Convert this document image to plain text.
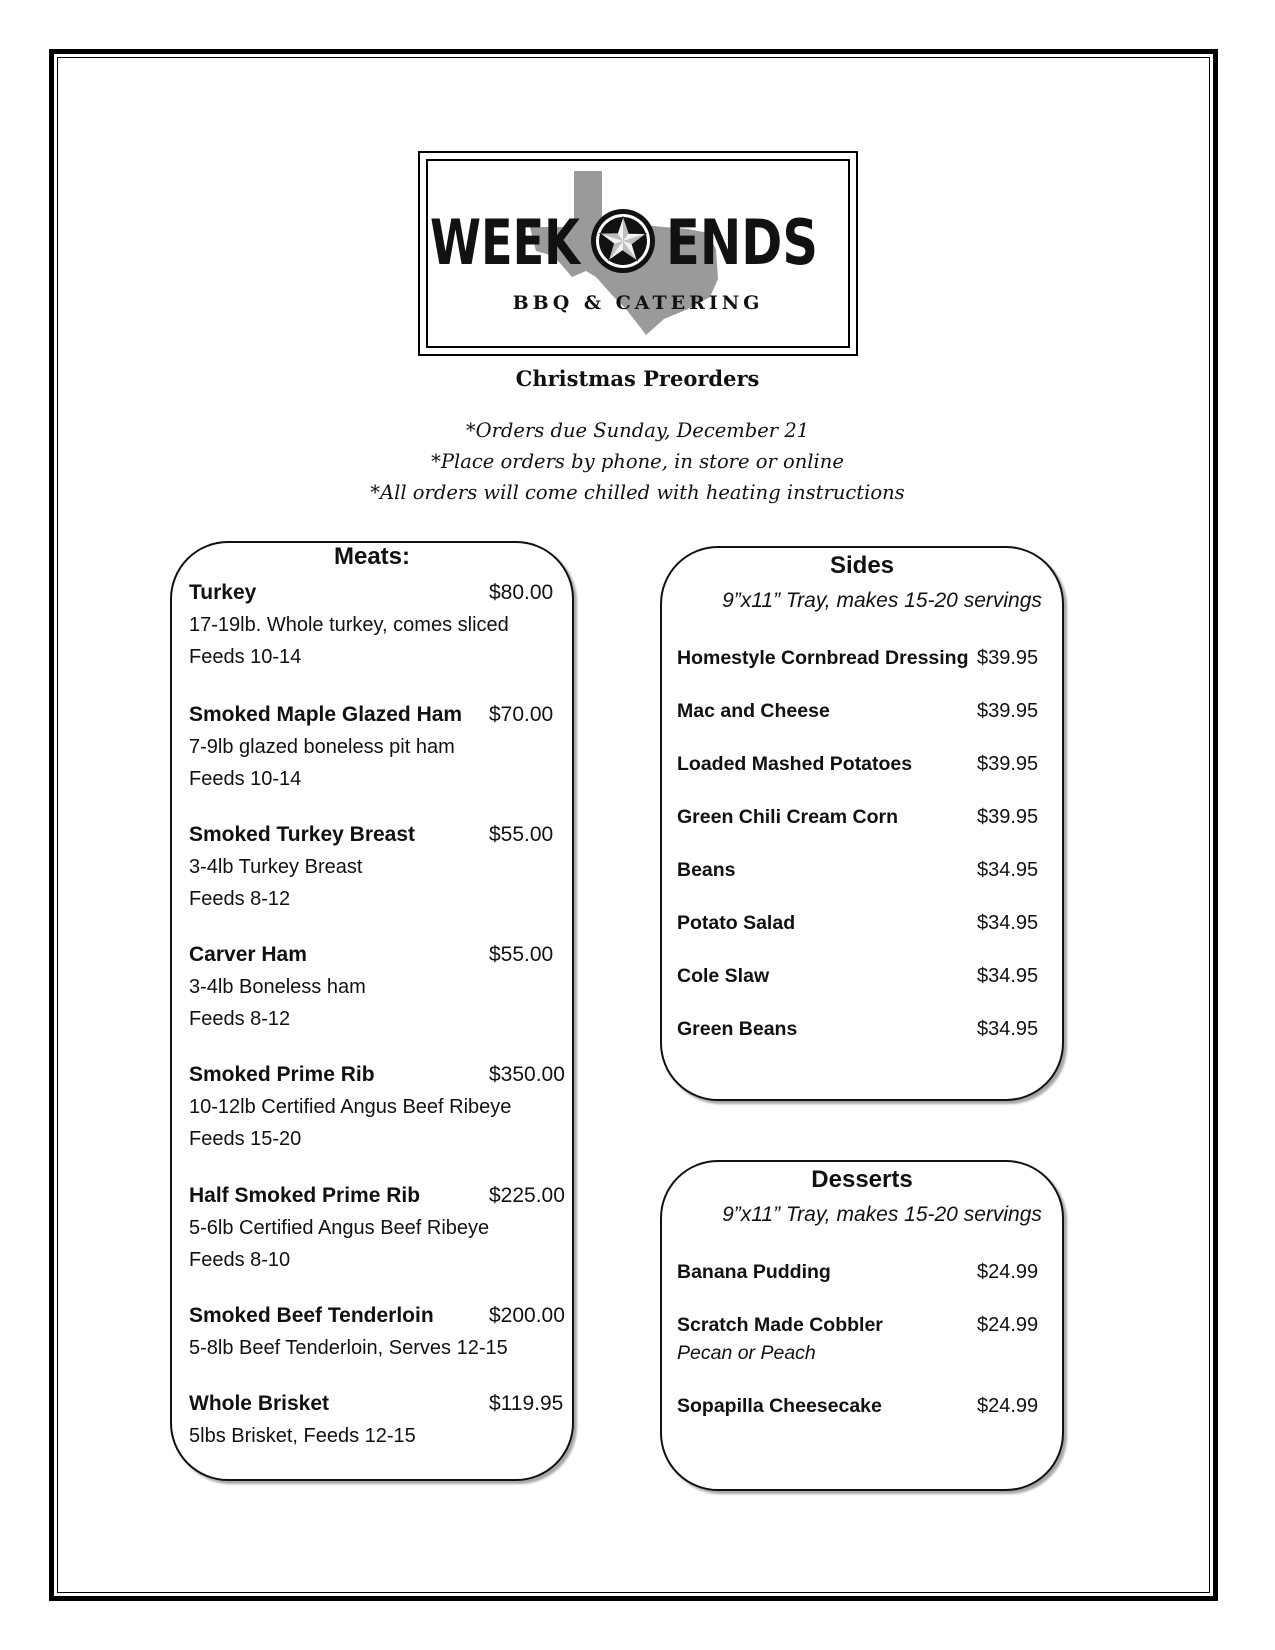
WEEK ENDS
BBQ & CATERING
Christmas Preorders
*Orders due Sunday, December 21
*Place orders by phone, in store or online
*All orders will come chilled with heating instructions
Meats:
Turkey	$80.00
17-19lb. Whole turkey, comes sliced
Feeds 10-14
Smoked Maple Glazed Ham $70.00
7-9lb glazed boneless pit ham
Feeds 10-14
Smoked Turkey Breast	$55.00
3-4lb Turkey Breast
Feeds 8-12
Carver Ham	$55.00
3-4lb Boneless ham
Feeds 8-12
Smoked Prime Rib	$350.00
10-12lb Certified Angus Beef Ribeye
Feeds 15-20
Half Smoked Prime Rib	$225.00
5-6lb Certified Angus Beef Ribeye
Feeds 8-10
Smoked Beef Tenderloin	$200.00
5-8lb Beef Tenderloin, Serves 12-15
Whole Brisket	$119.95
5lbs Brisket, Feeds 12-15
Sides
9”x11” Tray, makes 15-20 servings
Homestyle Cornbread Dressing $39.95
Mac and Cheese	$39.95
Loaded Mashed Potatoes	$39.95
Green Chili Cream Corn	$39.95
Beans	$34.95
Potato Salad	$34.95
Cole Slaw	$34.95
Green Beans	$34.95
Desserts
9”x11” Tray, makes 15-20 servings
Banana Pudding	$24.99
Scratch Made Cobbler	$24.99
Pecan or Peach
Sopapilla Cheesecake	$24.99
